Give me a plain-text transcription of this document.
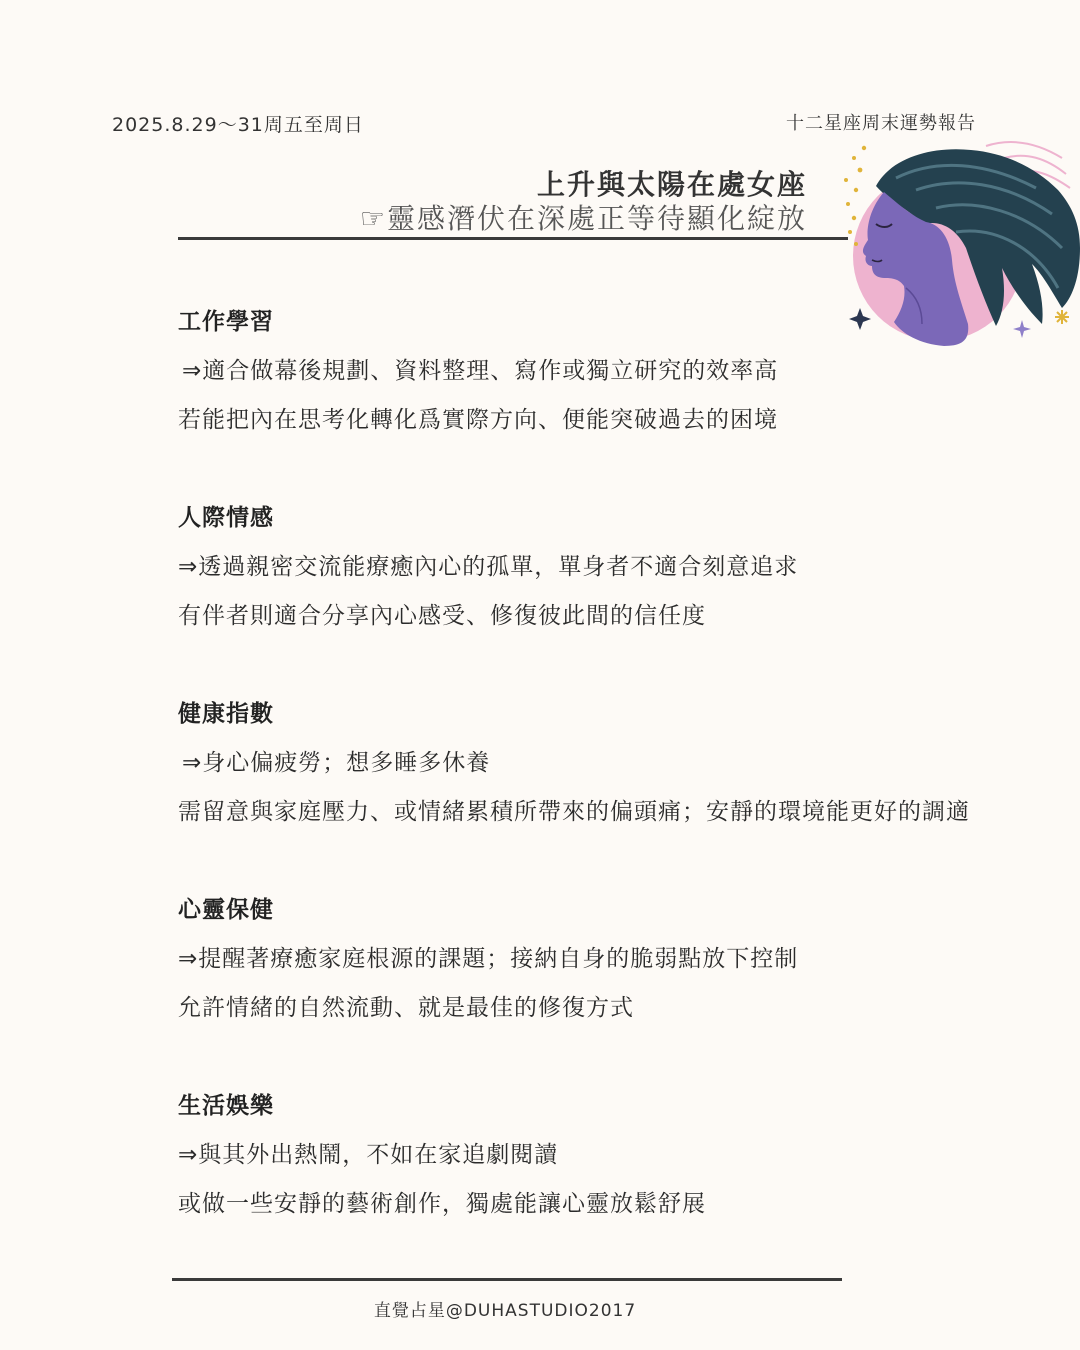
2025.8.29～31周五至周日	十二星座周末運勢報告
上升與太陽在處女座
☞靈感潛伏在深處正等待顯化綻放
工作學習
⇒適合做幕後規劃、資料整理、寫作或獨立研究的效率高
若能把內在思考化轉化爲實際方向、便能突破過去的困境
人際情感
⇒透過親密交流能療癒內心的孤單，單身者不適合刻意追求
有伴者則適合分享內心感受、修復彼此間的信任度
健康指數
⇒身心偏疲勞；想多睡多休養
需留意與家庭壓力、或情緒累積所帶來的偏頭痛；安靜的環境能更好的調適
心靈保健
⇒提醒著療癒家庭根源的課題；接納自身的脆弱點放下控制
允許情緒的自然流動、就是最佳的修復方式
生活娛樂
⇒與其外出熱鬧，不如在家追劇閱讀
或做一些安靜的藝術創作，獨處能讓心靈放鬆舒展
直覺占星@DUHASTUDIO2017
